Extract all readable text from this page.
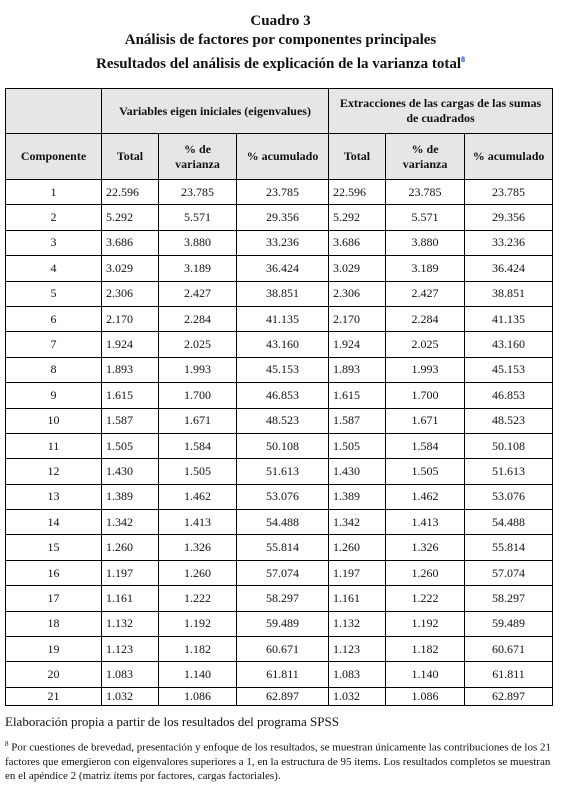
Cuadro 3
Análisis de factores por componentes principales
Resultados del análisis de explicación de la varianza total$^8$
	Variables eigen iniciales (eigenvalues)			Extracciones de las cargas de las sumas de cuadrados		
Componente	Total	% de varianza	% acumulado	Total	% de varianza	% acumulado
1	22.596	23.785	23.785	22.596	23.785	23.785
2	5.292	5.571	29.356	5.292	5.571	29.356
3	3.686	3.880	33.236	3.686	3.880	33.236
4	3.029	3.189	36.424	3.029	3.189	36.424
5	2.306	2.427	38.851	2.306	2.427	38.851
6	2.170	2.284	41.135	2.170	2.284	41.135
7	1.924	2.025	43.160	1.924	2.025	43.160
8	1.893	1.993	45.153	1.893	1.993	45.153
9	1.615	1.700	46.853	1.615	1.700	46.853
10	1.587	1.671	48.523	1.587	1.671	48.523
11	1.505	1.584	50.108	1.505	1.584	50.108
12	1.430	1.505	51.613	1.430	1.505	51.613
13	1.389	1.462	53.076	1.389	1.462	53.076
14	1.342	1.413	54.488	1.342	1.413	54.488
15	1.260	1.326	55.814	1.260	1.326	55.814
16	1.197	1.260	57.074	1.197	1.260	57.074
17	1.161	1.222	58.297	1.161	1.222	58.297
18	1.132	1.192	59.489	1.132	1.192	59.489
19	1.123	1.182	60.671	1.123	1.182	60.671
20	1.083	1.140	61.811	1.083	1.140	61.811
21	1.032	1.086	62.897	1.032	1.086	62.897
Elaboración propia a partir de los resultados del programa SPSS
$^8$ Por cuestiones de brevedad, presentación y enfoque de los resultados, se muestran únicamente las contribuciones de los 21 factores que emergieron con eigenvalores superiores a 1, en la estructura de 95 ítems. Los resultados completos se muestran en el apéndice 2 (matriz ítems por factores, cargas factoriales).
